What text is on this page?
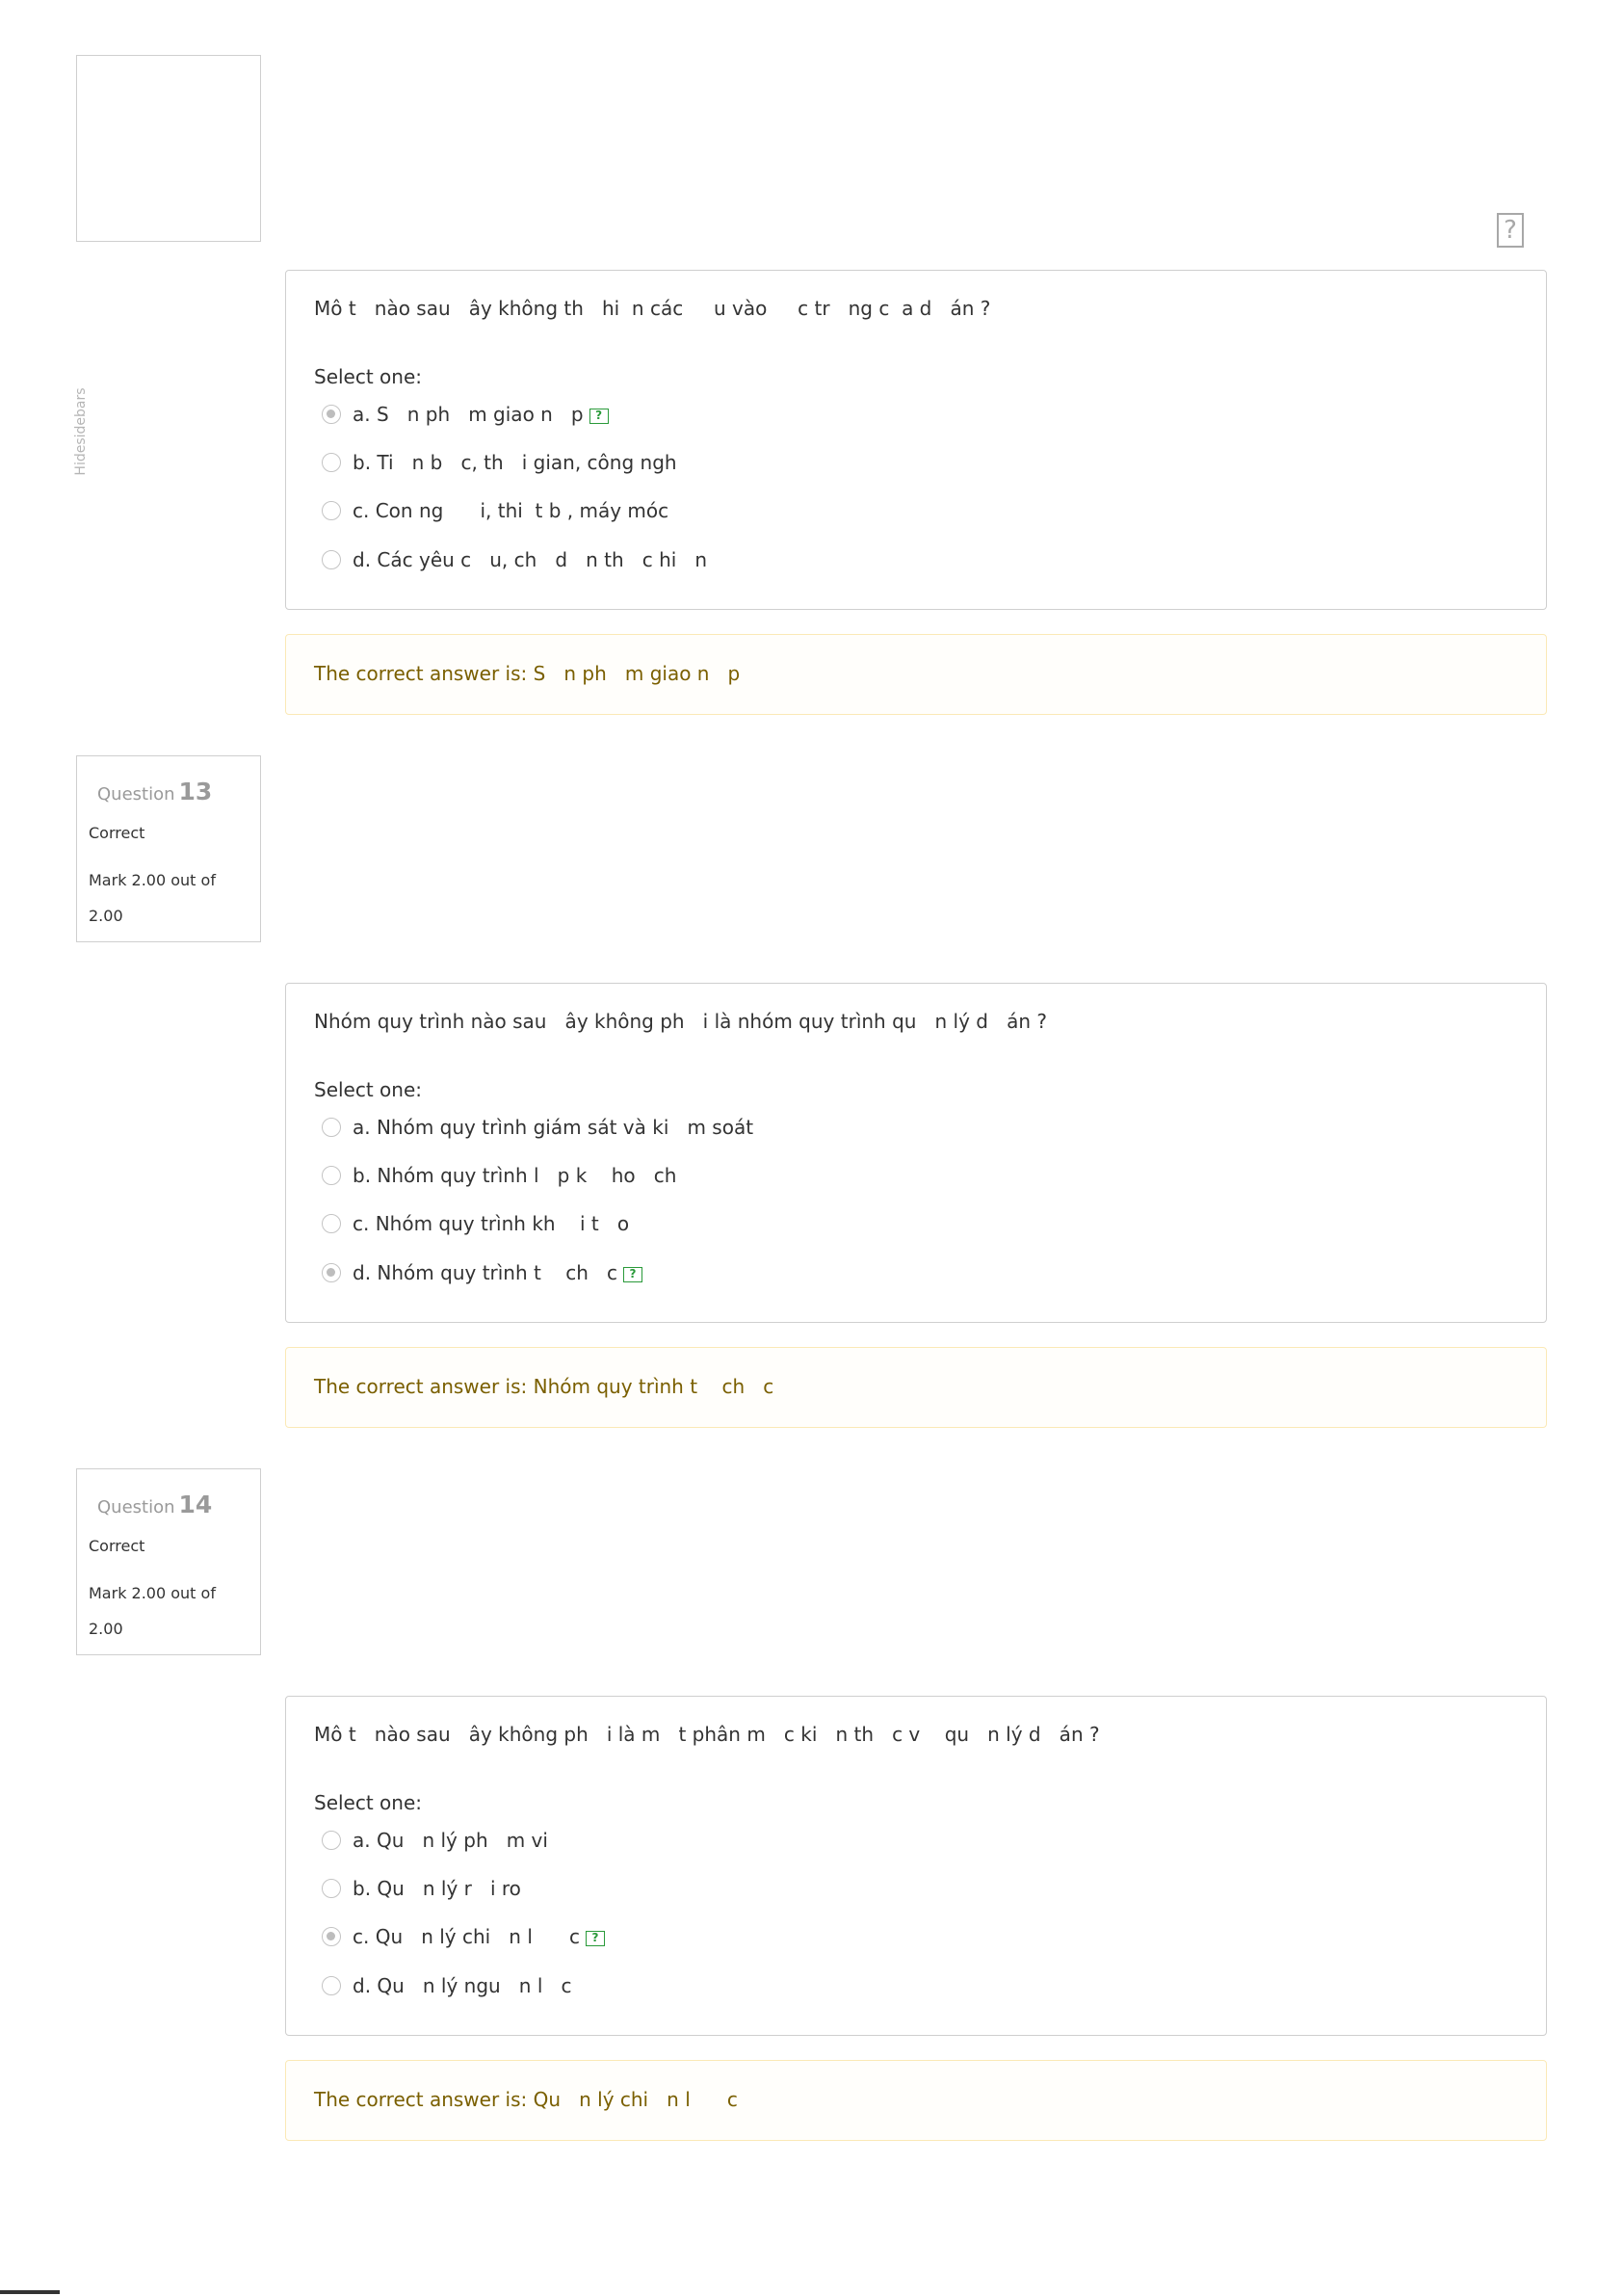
Hidesidebars
?
Mô t   nào sau   ây không th   hi  n các     u vào     c tr   ng c  a d   án ?
Select one:
a. S   n ph   m giao n   p ?
b. Ti   n b   c, th   i gian, công ngh
c. Con ng      i, thi  t b , máy móc
d. Các yêu c   u, ch   d   n th   c hi   n
The correct answer is: S   n ph   m giao n   p
Question 13
Correct
Mark 2.00 out of 2.00
Nhóm quy trình nào sau   ây không ph   i là nhóm quy trình qu   n lý d   án ?
Select one:
a. Nhóm quy trình giám sát và ki   m soát
b. Nhóm quy trình l   p k    ho   ch
c. Nhóm quy trình kh    i t   o
d. Nhóm quy trình t    ch   c ?
The correct answer is: Nhóm quy trình t    ch   c
Question 14
Correct
Mark 2.00 out of 2.00
Mô t   nào sau   ây không ph   i là m   t phân m   c ki   n th   c v    qu   n lý d   án ?
Select one:
a. Qu   n lý ph   m vi
b. Qu   n lý r   i ro
c. Qu   n lý chi   n l      c ?
d. Qu   n lý ngu   n l   c
The correct answer is: Qu   n lý chi   n l      c
